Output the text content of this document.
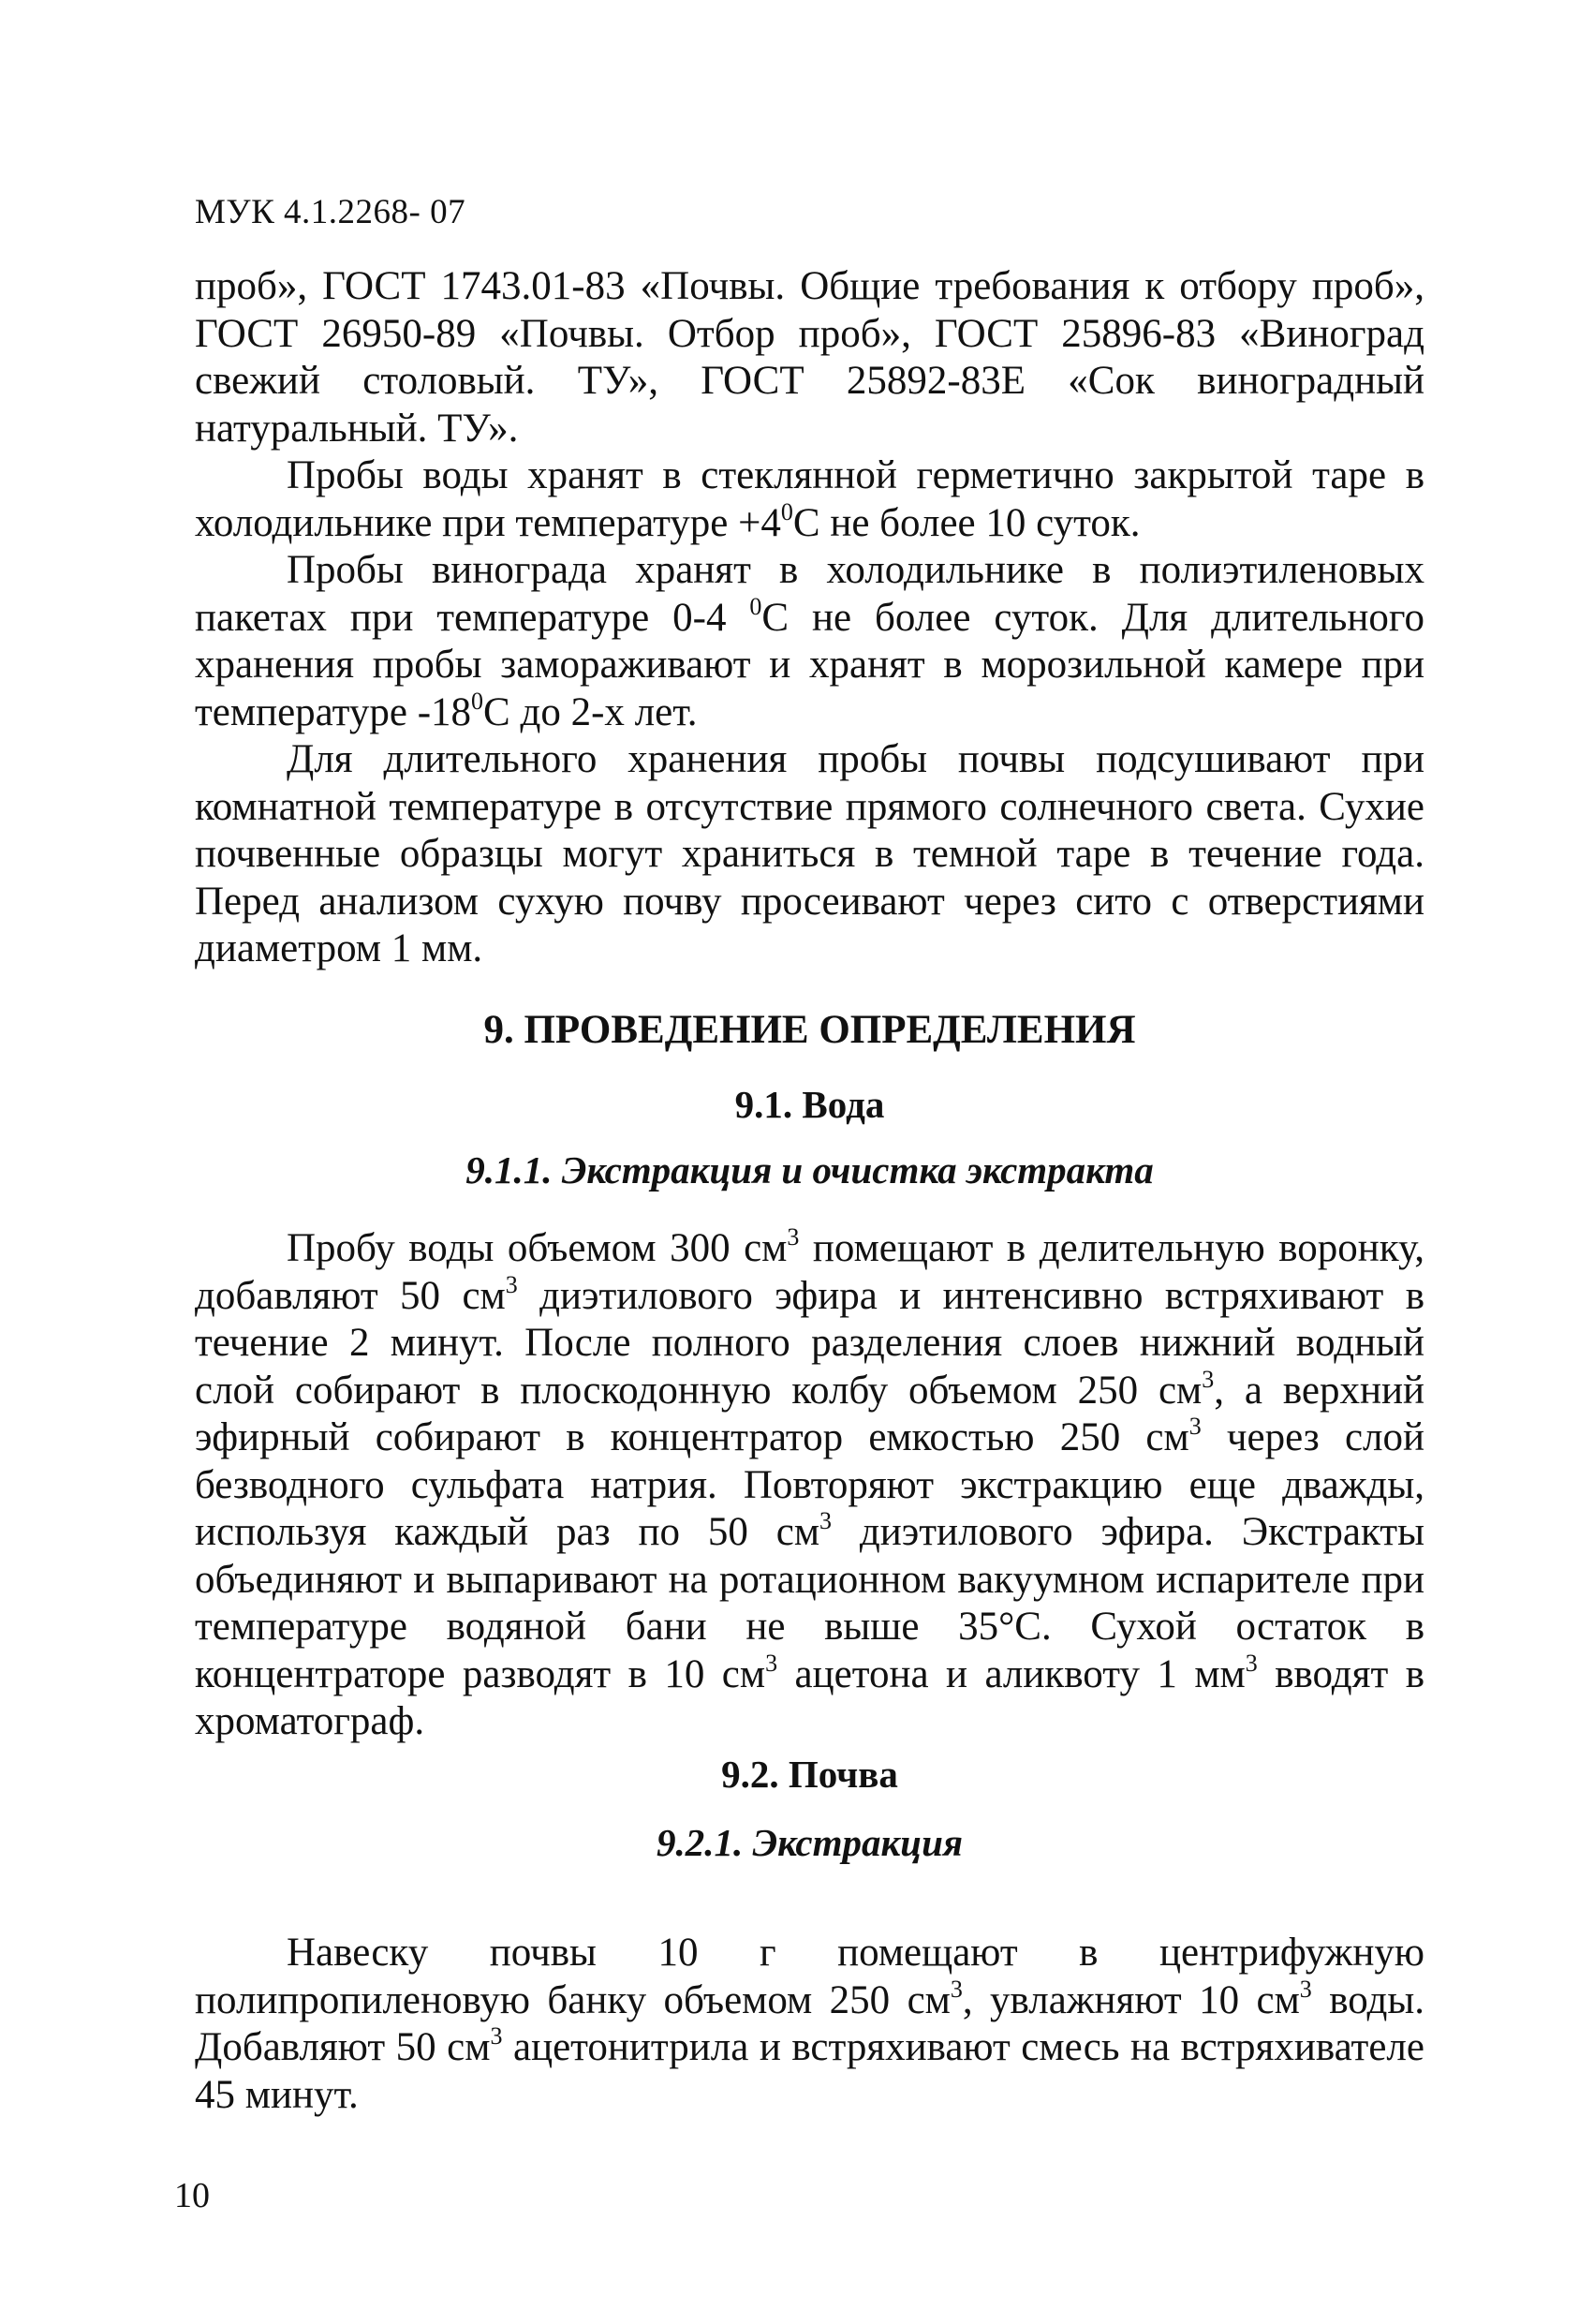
МУК 4.1.2268- 07

проб», ГОСТ 1743.01-83 «Почвы. Общие требования к отбору проб», ГОСТ 26950-89 «Почвы. Отбор проб», ГОСТ 25896-83 «Виноград свежий столовый. ТУ», ГОСТ 25892-83Е «Сок виноградный натуральный. ТУ».

Пробы воды хранят в стеклянной герметично закрытой таре в холодильнике при температуре $+4^0С$ не более 10 суток.

Пробы винограда хранят в холодильнике в полиэтиленовых пакетах при температуре 0-4 $^0$С не более суток. Для длительного хранения пробы замораживают и хранят в морозильной камере при температуре $-18^0С$ до 2-х лет.

Для длительного хранения пробы почвы подсушивают при комнатной температуре в отсутствие прямого солнечного света. Сухие почвенные образцы могут храниться в темной таре в течение года. Перед анализом сухую почву просеивают через сито с отверстиями диаметром 1 мм.

9. ПРОВЕДЕНИЕ ОПРЕДЕЛЕНИЯ
9.1. Вода
9.1.1. Экстракция и очистка экстракта

Пробу воды объемом 300 $см^3$ помещают в делительную воронку, добавляют 50 $см^3$ диэтилового эфира и интенсивно встряхивают в течение 2 минут. После полного разделения слоев нижний водный слой собирают в плоскодонную колбу объемом 250 $см^3$, а верхний эфирный собирают в концентратор емкостью 250 $см^3$ через слой безводного сульфата натрия. Повторяют экстракцию еще дважды, используя каждый раз по 50 $см^3$ диэтилового эфира. Экстракты объединяют и выпаривают на ротационном вакуумном испарителе при температуре водяной бани не выше 35°С. Сухой остаток в концентраторе разводят в 10 $см^3$ ацетона и аликвоту 1 $мм^3$ вводят в хроматограф.

9.2. Почва
9.2.1. Экстракция

Навеску почвы 10 г помещают в центрифужную полипропиленовую банку объемом 250 $см^3$, увлажняют 10 $см^3$ воды. Добавляют 50 $см^3$ ацетонитрила и встряхивают смесь на встряхивателе 45 минут.

10
